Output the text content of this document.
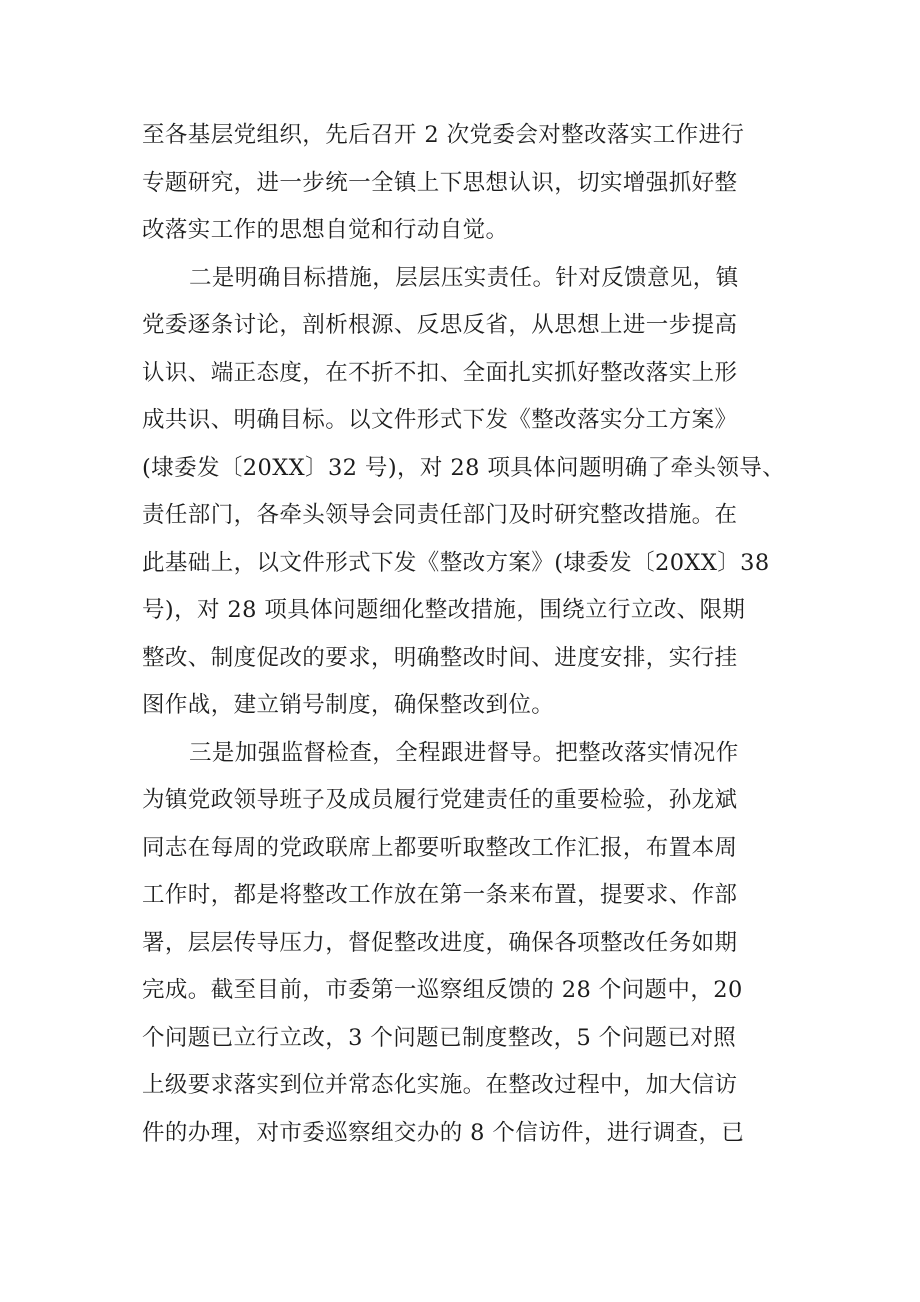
至各基层党组织，先后召开 2 次党委会对整改落实工作进行
专题研究，进一步统一全镇上下思想认识，切实增强抓好整
改落实工作的思想自觉和行动自觉。
二是明确目标措施，层层压实责任。针对反馈意见，镇
党委逐条讨论，剖析根源、反思反省，从思想上进一步提高
认识、端正态度，在不折不扣、全面扎实抓好整改落实上形
成共识、明确目标。以文件形式下发《整改落实分工方案》
(埭委发〔20XX〕32 号)，对 28 项具体问题明确了牵头领导、
责任部门，各牵头领导会同责任部门及时研究整改措施。在
此基础上，以文件形式下发《整改方案》(埭委发〔20XX〕38
号)，对 28 项具体问题细化整改措施，围绕立行立改、限期
整改、制度促改的要求，明确整改时间、进度安排，实行挂
图作战，建立销号制度，确保整改到位。
三是加强监督检查，全程跟进督导。把整改落实情况作
为镇党政领导班子及成员履行党建责任的重要检验，孙龙斌
同志在每周的党政联席上都要听取整改工作汇报，布置本周
工作时，都是将整改工作放在第一条来布置，提要求、作部
署，层层传导压力，督促整改进度，确保各项整改任务如期
完成。截至目前，市委第一巡察组反馈的 28 个问题中，20
个问题已立行立改，3 个问题已制度整改，5 个问题已对照
上级要求落实到位并常态化实施。在整改过程中，加大信访
件的办理，对市委巡察组交办的 8 个信访件，进行调查，已
